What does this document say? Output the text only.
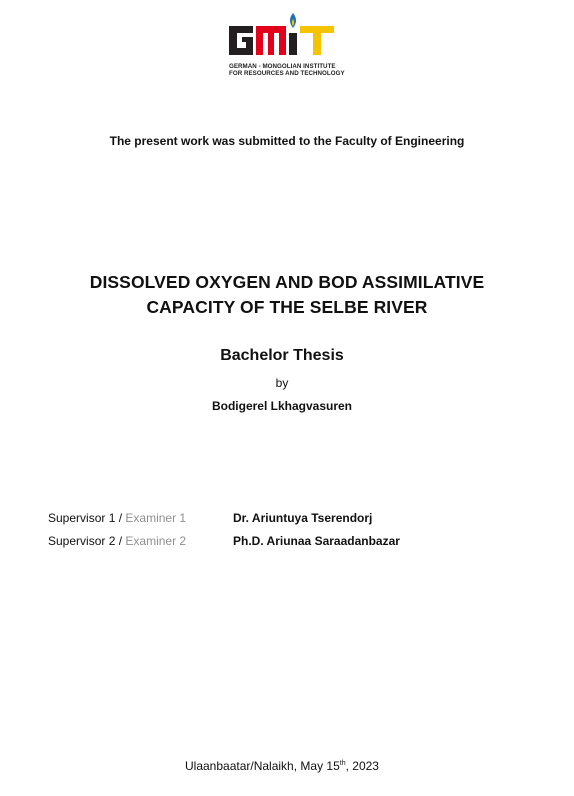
GERMAN - MONGOLIAN INSTITUTE
FOR RESOURCES AND TECHNOLOGY
The present work was submitted to the Faculty of Engineering
DISSOLVED OXYGEN AND BOD ASSIMILATIVE
CAPACITY OF THE SELBE RIVER
Bachelor Thesis
by
Bodigerel Lkhagvasuren
Supervisor 1 / Examiner 1	Dr. Ariuntuya Tserendorj
Supervisor 2 / Examiner 2	Ph.D. Ariunaa Saraadanbazar
Ulaanbaatar/Nalaikh, May 15th, 2023
